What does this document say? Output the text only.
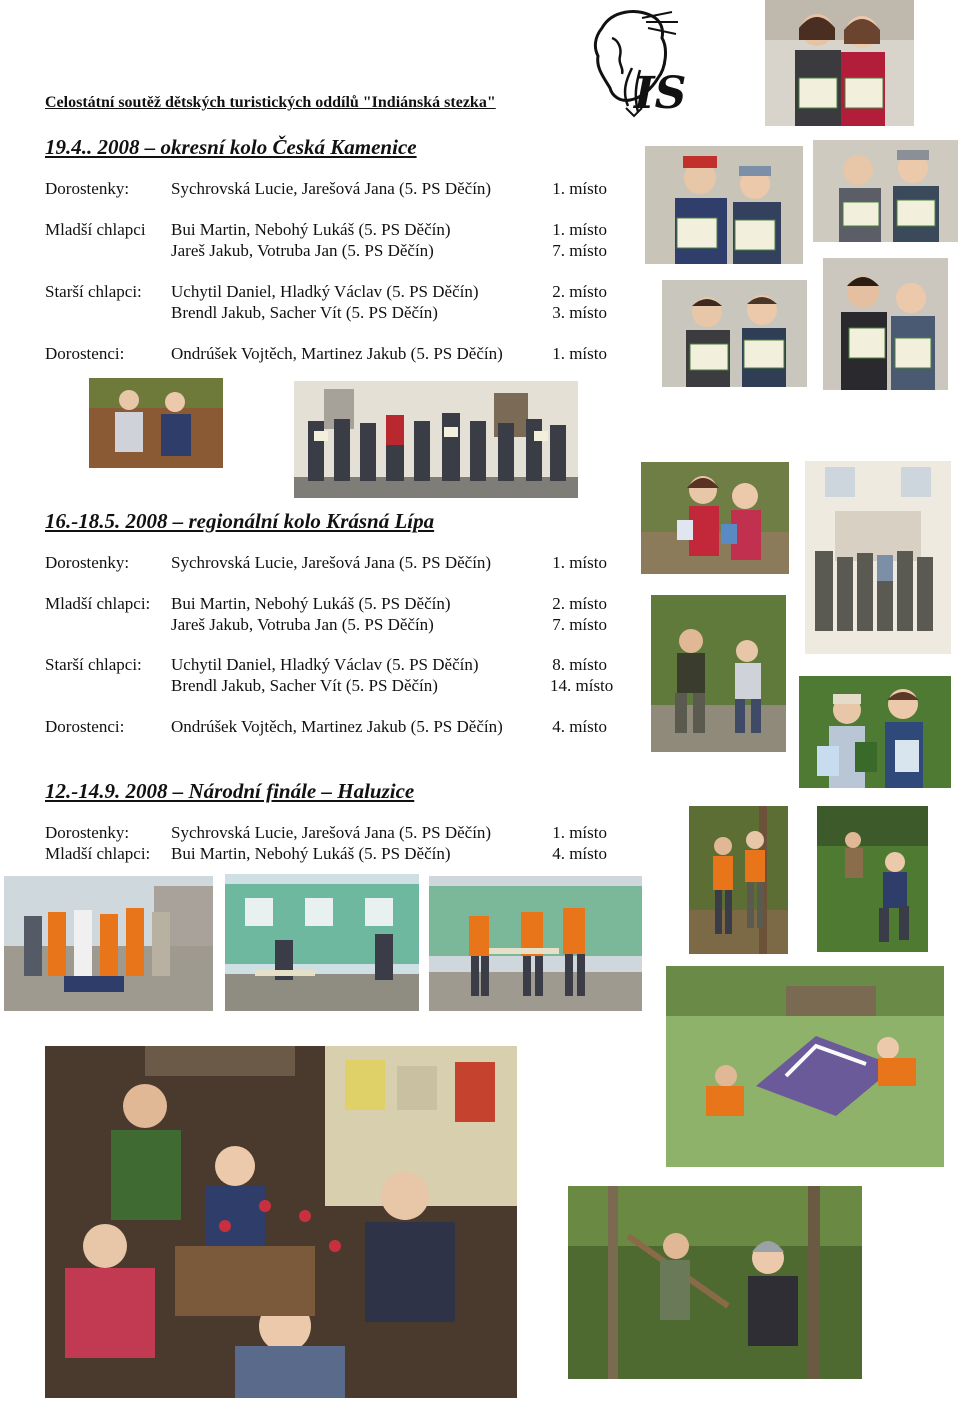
Celostátní soutěž dětských turistických oddílů "Indiánská stezka"	IS
19.4.. 2008 – okresní kolo Česká Kamenice
Dorostenky: Sychrovská Lucie, Jarešová Jana (5. PS Děčín)	1. místo
Mladší chlapci Bui Martin, Nebohý Lukáš (5. PS Děčín)	1. místo
Jareš Jakub, Votruba Jan (5. PS Děčín)	7. místo
Starší chlapci: Uchytil Daniel, Hladký Václav (5. PS Děčín)	2. místo
Brendl Jakub, Sacher Vít (5. PS Děčín)	3. místo
Dorostenci:	Ondrúšek Vojtěch, Martinez Jakub (5. PS Děčín)	1. místo
16.-18.5. 2008 – regionální kolo Krásná Lípa
Dorostenky: Sychrovská Lucie, Jarešová Jana (5. PS Děčín)	1. místo
Mladší chlapci: Bui Martin, Nebohý Lukáš (5. PS Děčín)	2. místo
Jareš Jakub, Votruba Jan (5. PS Děčín)	7. místo
Starší chlapci: Uchytil Daniel, Hladký Václav (5. PS Děčín)	8. místo
Brendl Jakub, Sacher Vít (5. PS Děčín)	14. místo
Dorostenci:	Ondrúšek Vojtěch, Martinez Jakub (5. PS Děčín)	4. místo
12.-14.9. 2008 – Národní finále – Haluzice
Dorostenky: Sychrovská Lucie, Jarešová Jana (5. PS Děčín)	1. místo
Mladší chlapci: Bui Martin, Nebohý Lukáš (5. PS Děčín)	4. místo
